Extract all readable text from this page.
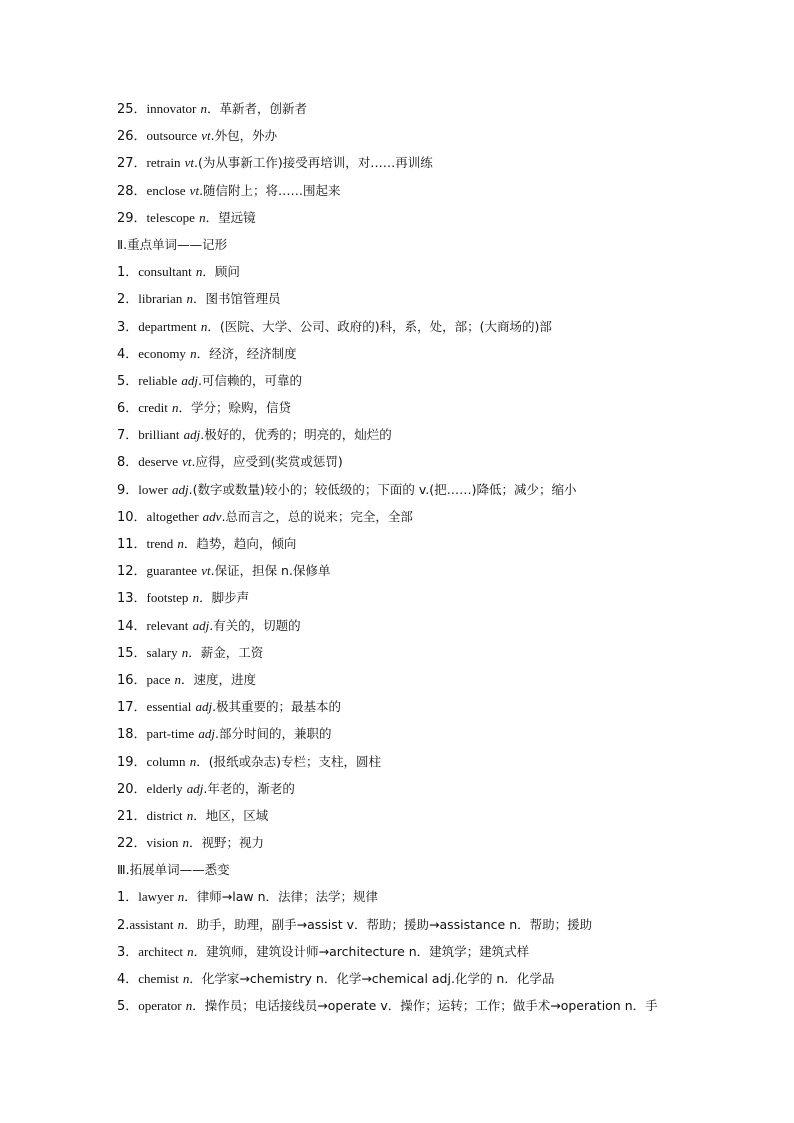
25．innovator n．革新者，创新者
26．outsource vt.外包，外办
27．retrain vt.(为从事新工作)接受再培训，对……再训练
28．enclose vt.随信附上；将……围起来
29．telescope n．望远镜
Ⅱ.重点单词——记形
1．consultant n．顾问
2．librarian n．图书馆管理员
3．department n．(医院、大学、公司、政府的)科，系，处，部；(大商场的)部
4．economy n．经济，经济制度
5．reliable adj.可信赖的，可靠的
6．credit n．学分；赊购，信贷
7．brilliant adj.极好的，优秀的；明亮的，灿烂的
8．deserve vt.应得，应受到(奖赏或惩罚)
9．lower adj.(数字或数量)较小的；较低级的；下面的 v.(把……)降低；减少；缩小
10．altogether adv.总而言之，总的说来；完全，全部
11．trend n．趋势，趋向，倾向
12．guarantee vt.保证，担保 n.保修单
13．footstep n．脚步声
14．relevant adj.有关的，切题的
15．salary n．薪金，工资
16．pace n．速度，进度
17．essential adj.极其重要的；最基本的
18．part-time adj.部分时间的，兼职的
19．column n．(报纸或杂志)专栏；支柱，圆柱
20．elderly adj.年老的，渐老的
21．district n．地区，区域
22．vision n．视野；视力
Ⅲ.拓展单词——悉变
1．lawyer n．律师→law n．法律；法学；规律
2.assistant n．助手，助理，副手→assist v．帮助；援助→assistance n．帮助；援助
3．architect n．建筑师，建筑设计师→architecture n．建筑学；建筑式样
4．chemist n．化学家→chemistry n．化学→chemical adj.化学的 n．化学品
5．operator n．操作员；电话接线员→operate v．操作；运转；工作；做手术→operation n．手
